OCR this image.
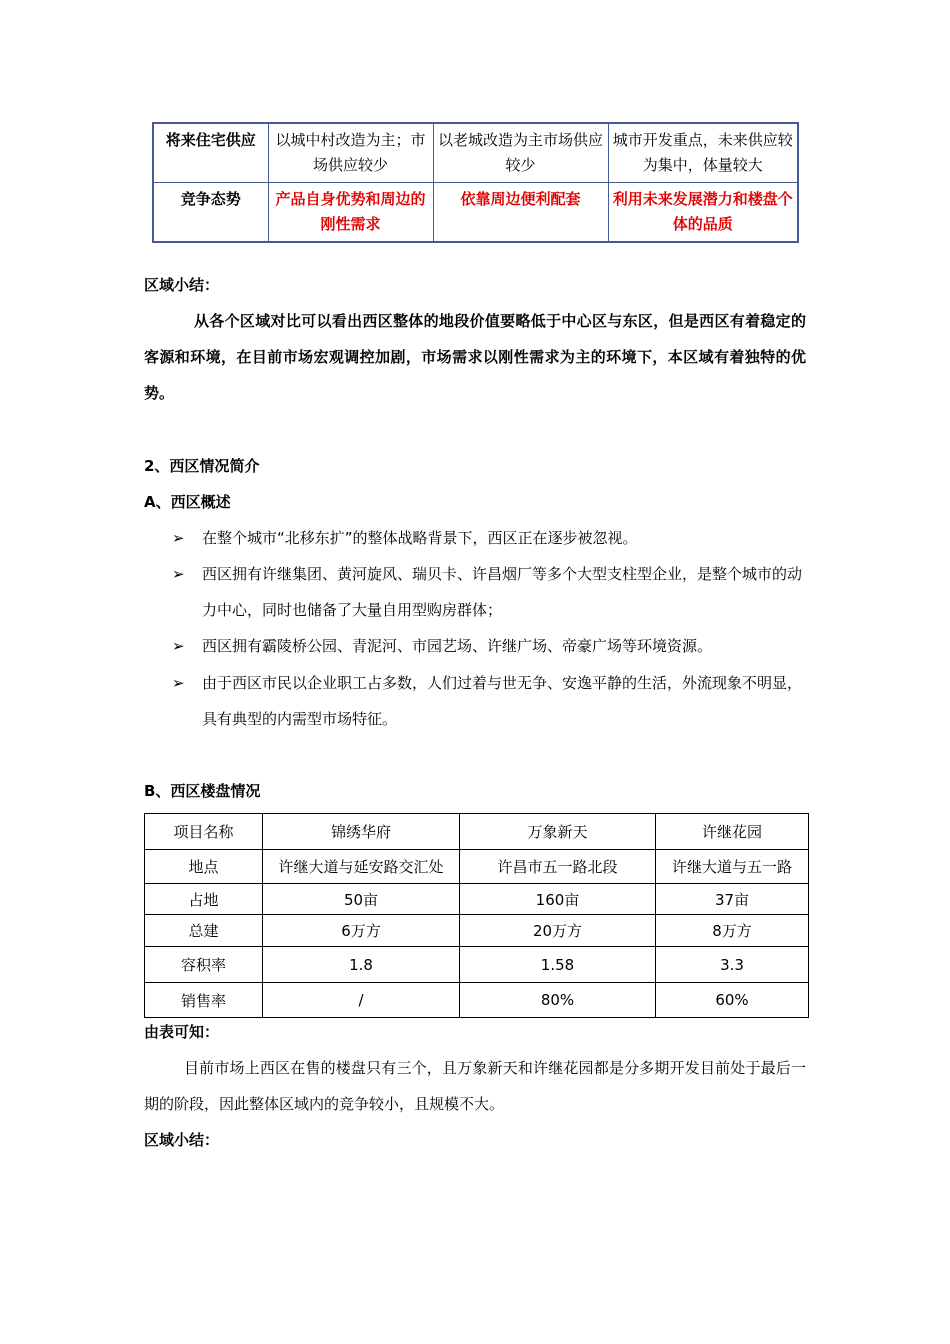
将来住宅供应	以城中村改造为主；市场供应较少	以老城改造为主市场供应较少	城市开发重点，未来供应较为集中，体量较大
竞争态势	产品自身优势和周边的刚性需求	依靠周边便利配套	利用未来发展潜力和楼盘个体的品质
区域小结：
从各个区域对比可以看出西区整体的地段价值要略低于中心区与东区，但是西区有着稳定的客源和环境，在目前市场宏观调控加剧，市场需求以刚性需求为主的环境下，本区域有着独特的优势。
2、西区情况简介
A、西区概述
➢	在整个城市“北移东扩”的整体战略背景下，西区正在逐步被忽视。
➢	西区拥有许继集团、黄河旋风、瑞贝卡、许昌烟厂等多个大型支柱型企业，是整个城市的动力中心，同时也储备了大量自用型购房群体；
➢	西区拥有霸陵桥公园、青泥河、市园艺场、许继广场、帝豪广场等环境资源。
➢	由于西区市民以企业职工占多数，人们过着与世无争、安逸平静的生活，外流现象不明显，具有典型的内需型市场特征。
B、西区楼盘情况
项目名称	锦绣华府	万象新天	许继花园
地点	许继大道与延安路交汇处	许昌市五一路北段	许继大道与五一路
占地	50亩	160亩	37亩
总建	6万方	20万方	8万方
容积率	1.8	1.58	3.3
销售率	/	80%	60%
由表可知：
目前市场上西区在售的楼盘只有三个，且万象新天和许继花园都是分多期开发目前处于最后一期的阶段，因此整体区域内的竞争较小，且规模不大。
区域小结：
